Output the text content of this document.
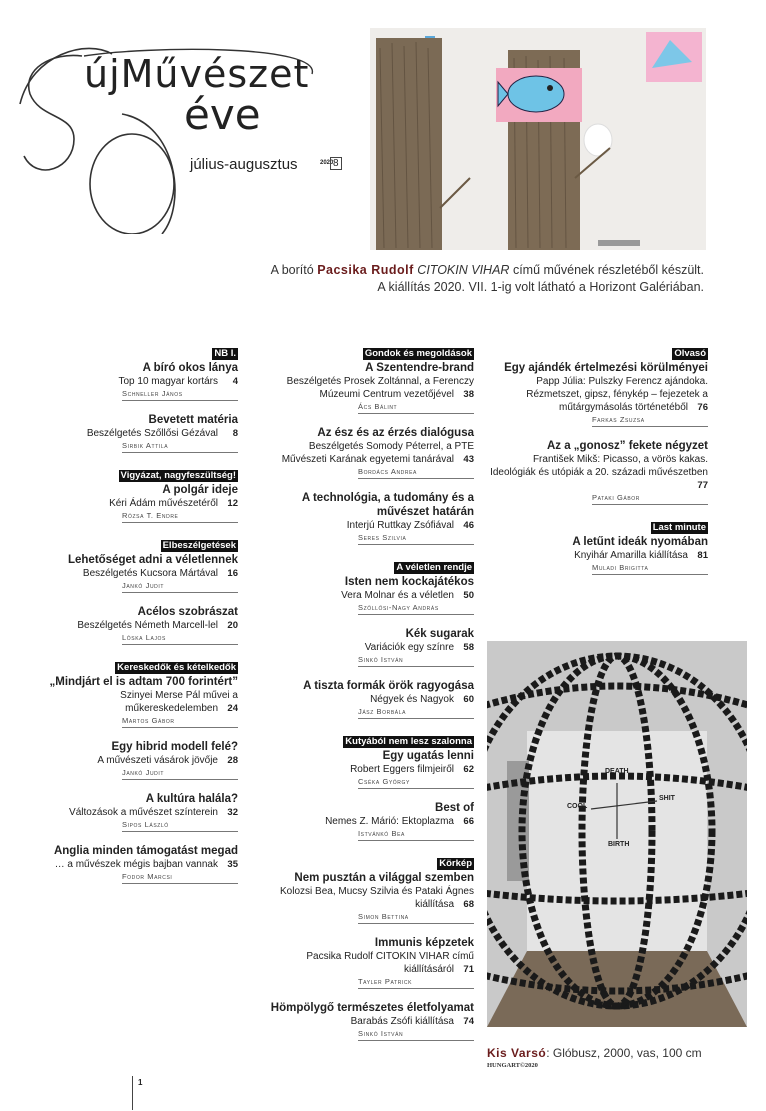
újMűvészet
éve
július-augusztus	2020 8
A borító Pacsika Rudolf CITOKIN VIHAR című művének részletéből készült.
A kiállítás 2020. VII. 1-ig volt látható a Horizont Galériában.
NB I.
A bíró okos lánya
Top 10 magyar kortárs 4
Schneller János
Bevetett matéria
Beszélgetés Szőllősi Gézával 8
Sirbik Attila
Vigyázat, nagyfeszültség!
A polgár ideje
Kéri Ádám művészetéről 12
Rózsa T. Endre
Elbeszélgetések
Lehetőséget adni a véletlennek
Beszélgetés Kucsora Mártával 16
Jankó Judit
Acélos szobrászat
Beszélgetés Németh Marcell-lel 20
Lóska Lajos
Kereskedők és kételkedők
„Mindjárt el is adtam 700 forintért”
Szinyei Merse Pál művei a műkereskedelemben 24
Martos Gábor
Egy hibrid modell felé?
A művészeti vásárok jövője 28
Jankó Judit
A kultúra halála?
Változások a művészet színterein 32
Sipos László
Anglia minden támogatást megad
… a művészek mégis bajban vannak 35
Fodor Marcsi
Gondok és megoldások
A Szentendre-brand
Beszélgetés Prosek Zoltánnal, a Ferenczy Múzeumi Centrum vezetőjével 38
Ács Bálint
Az ész és az érzés dialógusa
Beszélgetés Somody Péterrel, a PTE Művészeti Karának egyetemi tanárával 43
Bordács Andrea
A technológia, a tudomány és a művészet határán
Interjú Ruttkay Zsófiával 46
Seres Szilvia
A véletlen rendje
Isten nem kockajátékos
Vera Molnar és a véletlen 50
Szőllősi-Nagy András
Kék sugarak
Variációk egy színre 58
Sinkó István
A tiszta formák örök ragyogása
Négyek és Nagyok 60
Jász Borbála
Kutyából nem lesz szalonna
Egy ugatás lenni
Robert Eggers filmjeiről 62
Cséka György
Best of
Nemes Z. Márió: Ektoplazma 66
Istvánkó Bea
Körkép
Nem pusztán a világgal szemben
Kolozsi Bea, Mucsy Szilvia és Pataki Ágnes kiállítása 68
Simon Bettina
Immunis képzetek
Pacsika Rudolf CITOKIN VIHAR című kiállításáról 71
Tayler Patrick
Hömpölygő természetes életfolyamat
Barabás Zsófi kiállítása 74
Sinkó István
Olvasó
Egy ajándék értelmezési körülményei
Papp Júlia: Pulszky Ferencz ajándoka. Rézmetszet, gipsz, fénykép – fejezetek a műtárgymásolás történetéből 76
Farkas Zsuzsa
Az a „gonosz” fekete négyzet
František Mikš: Picasso, a vörös kakas. Ideológiák és utópiák a 20. századi művészetben77
Pataki Gábor
Last minute
A letűnt ideák nyomában
Knyihár Amarilla kiállítása 81
Muladi Brigitta
DEATH
COOL
SHIT
BIRTH
Kis Varsó: Glóbusz, 2000, vas, 100 cm
HUNGART©2020
1
